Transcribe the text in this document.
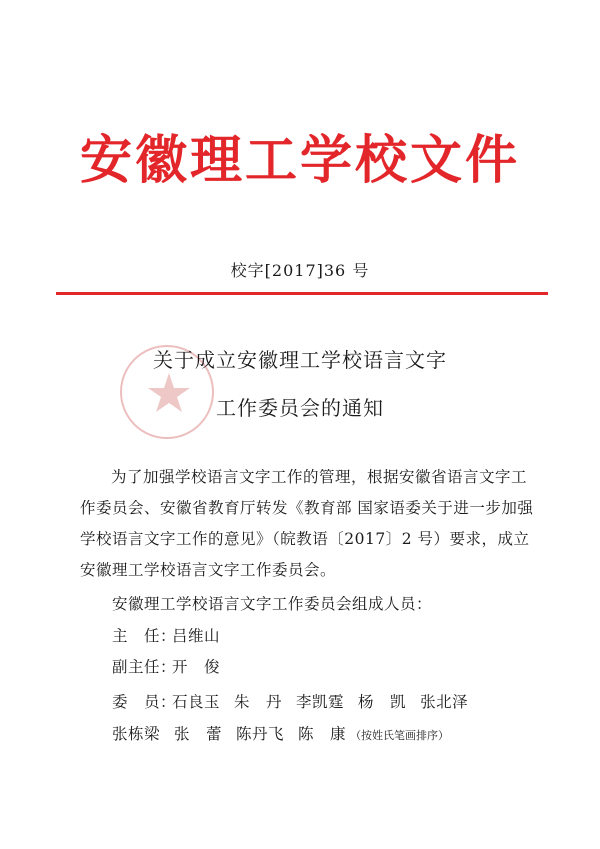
安徽理工学校文件
校字[2017]36 号
关于成立安徽理工学校语言文字
工作委员会的通知
为了加强学校语言文字工作的管理，根据安徽省语言文字工作委员会、安徽省教育厅转发《教育部 国家语委关于进一步加强学校语言文字工作的意见》（皖教语〔2017〕2 号）要求，成立安徽理工学校语言文字工作委员会。
安徽理工学校语言文字工作委员会组成人员：
主　任：吕维山
副主任：开　俊
委　员：石良玉 朱　丹 李凯霆 杨　凯 张北泽
张栋梁 张　蕾 陈丹飞 陈　康 （按姓氏笔画排序）
